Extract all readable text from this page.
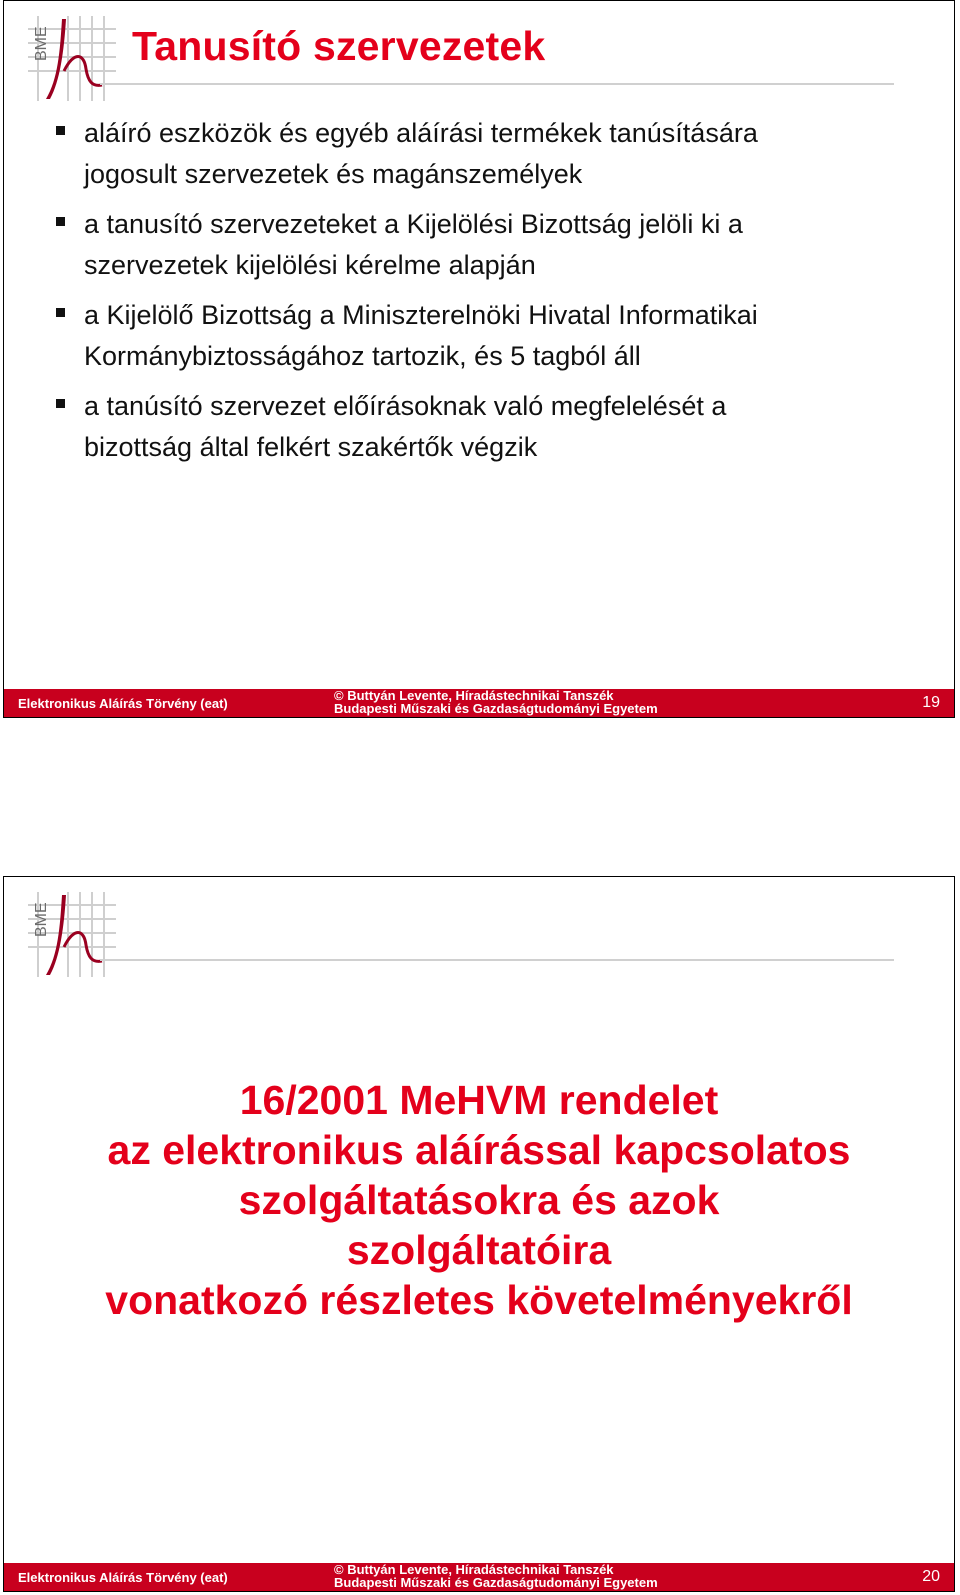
BME Tanusító szervezetek
aláíró eszközök és egyéb aláírási termékek tanúsítására
jogosult szervezetek és magánszemélyek
a tanusító szervezeteket a Kijelölési Bizottság jelöli ki a
szervezetek kijelölési kérelme alapján
a Kijelölő Bizottság a Miniszterelnöki Hivatal Informatikai
Kormánybiztosságához tartozik, és 5 tagból áll
a tanúsító szervezet előírásoknak való megfelelését a
bizottság által felkért szakértők végzik
Elektronikus Aláírás Törvény (eat)
© Buttyán Levente, Híradástechnikai Tanszék
Budapesti Műszaki és Gazdaságtudományi Egyetem	19
BME
16/2001 MeHVM rendelet
az elektronikus aláírással kapcsolatos
szolgáltatásokra és azok
szolgáltatóira
vonatkozó részletes követelményekről
Elektronikus Aláírás Törvény (eat)
© Buttyán Levente, Híradástechnikai Tanszék
Budapesti Műszaki és Gazdaságtudományi Egyetem	20
